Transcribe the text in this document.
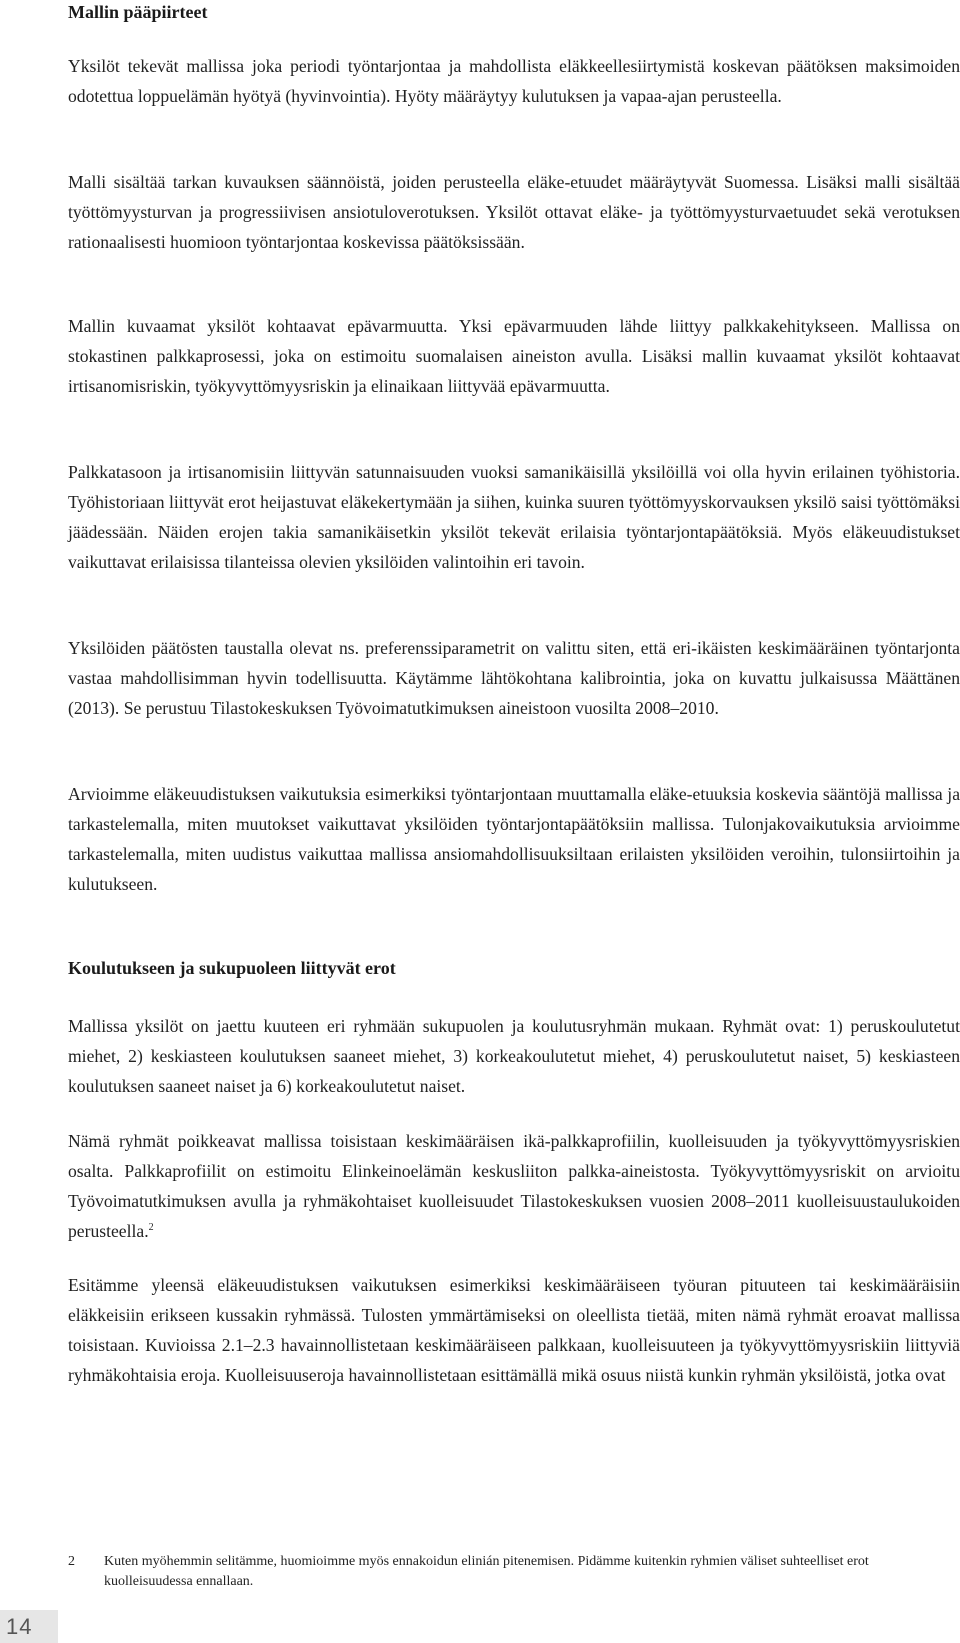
Mallin pääpiirteet

Yksilöt tekevät mallissa joka periodi työntarjontaa ja mahdollista eläkkeellesiirtymistä koskevan päätöksen maksimoiden odotettua loppuelämän hyötyä (hyvinvointia). Hyöty määräytyy kulutuksen ja vapaa-ajan perusteella.

Malli sisältää tarkan kuvauksen säännöistä, joiden perusteella eläke-etuudet määräytyvät Suomessa. Lisäksi malli sisältää työttömyysturvan ja progressiivisen ansiotuloverotuksen. Yksilöt ottavat eläke- ja työttömyysturvaetuudet sekä verotuksen rationaalisesti huomioon työntarjontaa koskevissa päätöksissään.

Mallin kuvaamat yksilöt kohtaavat epävarmuutta. Yksi epävarmuuden lähde liittyy palkkakehitykseen. Mallissa on stokastinen palkkaprosessi, joka on estimoitu suomalaisen aineiston avulla. Lisäksi mallin kuvaamat yksilöt kohtaavat irtisanomisriskin, työkyvyttömyysriskin ja elinaikaan liittyvää epävarmuutta.

Palkkatasoon ja irtisanomisiin liittyvän satunnaisuuden vuoksi samanikäisillä yksilöillä voi olla hyvin erilainen työhistoria. Työhistoriaan liittyvät erot heijastuvat eläkekertymään ja siihen, kuinka suuren työttömyyskorvauksen yksilö saisi työttömäksi jäädessään. Näiden erojen takia samanikäisetkin yksilöt tekevät erilaisia työntarjontapäätöksiä. Myös eläkeuudistukset vaikuttavat erilaisissa tilanteissa olevien yksilöiden valintoihin eri tavoin.

Yksilöiden päätösten taustalla olevat ns. preferenssiparametrit on valittu siten, että eri-ikäisten keskimääräinen työntarjonta vastaa mahdollisimman hyvin todellisuutta. Käytämme lähtökohtana kalibrointia, joka on kuvattu julkaisussa Määttänen (2013). Se perustuu Tilastokeskuksen Työvoimatutkimuksen aineistoon vuosilta 2008–2010.

Arvioimme eläkeuudistuksen vaikutuksia esimerkiksi työntarjontaan muuttamalla eläke-etuuksia koskevia sääntöjä mallissa ja tarkastelemalla, miten muutokset vaikuttavat yksilöiden työntarjontapäätöksiin mallissa. Tulonjakovaikutuksia arvioimme tarkastelemalla, miten uudistus vaikuttaa mallissa ansiomahdollisuuksiltaan erilaisten yksilöiden veroihin, tulonsiirtoihin ja kulutukseen.

Koulutukseen ja sukupuoleen liittyvät erot

Mallissa yksilöt on jaettu kuuteen eri ryhmään sukupuolen ja koulutusryhmän mukaan. Ryhmät ovat: 1) peruskoulutetut miehet, 2) keskiasteen koulutuksen saaneet miehet, 3) korkeakoulutetut miehet, 4) peruskoulutetut naiset, 5) keskiasteen koulutuksen saaneet naiset ja 6) korkeakoulutetut naiset.

Nämä ryhmät poikkeavat mallissa toisistaan keskimääräisen ikä-palkkaprofiilin, kuolleisuuden ja työkyvyttömyysriskien osalta. Palkkaprofiilit on estimoitu Elinkeinoelämän keskusliiton palkka-aineistosta. Työkyvyttömyysriskit on arvioitu Työvoimatutkimuksen avulla ja ryhmäkohtaiset kuolleisuudet Tilastokeskuksen vuosien 2008–2011 kuolleisuustaulukoiden perusteella.$^2$

Esitämme yleensä eläkeuudistuksen vaikutuksen esimerkiksi keskimääräiseen työuran pituuteen tai keskimääräisiin eläkkeisiin erikseen kussakin ryhmässä. Tulosten ymmärtämiseksi on oleellista tietää, miten nämä ryhmät eroavat mallissa toisistaan. Kuvioissa 2.1–2.3 havainnollistetaan keskimääräiseen palkkaan, kuolleisuuteen ja työkyvyttömyysriskiin liittyviä ryhmäkohtaisia eroja. Kuolleisuuseroja havainnollistetaan esittämällä mikä osuus niistä kunkin ryhmän yksilöistä, jotka ovat

2 Kuten myöhemmin selitämme, huomioimme myös ennakoidun elinián pitenemisen. Pidämme kuitenkin ryhmien väliset suhteelliset erot kuolleisuudessa ennallaan.
14
